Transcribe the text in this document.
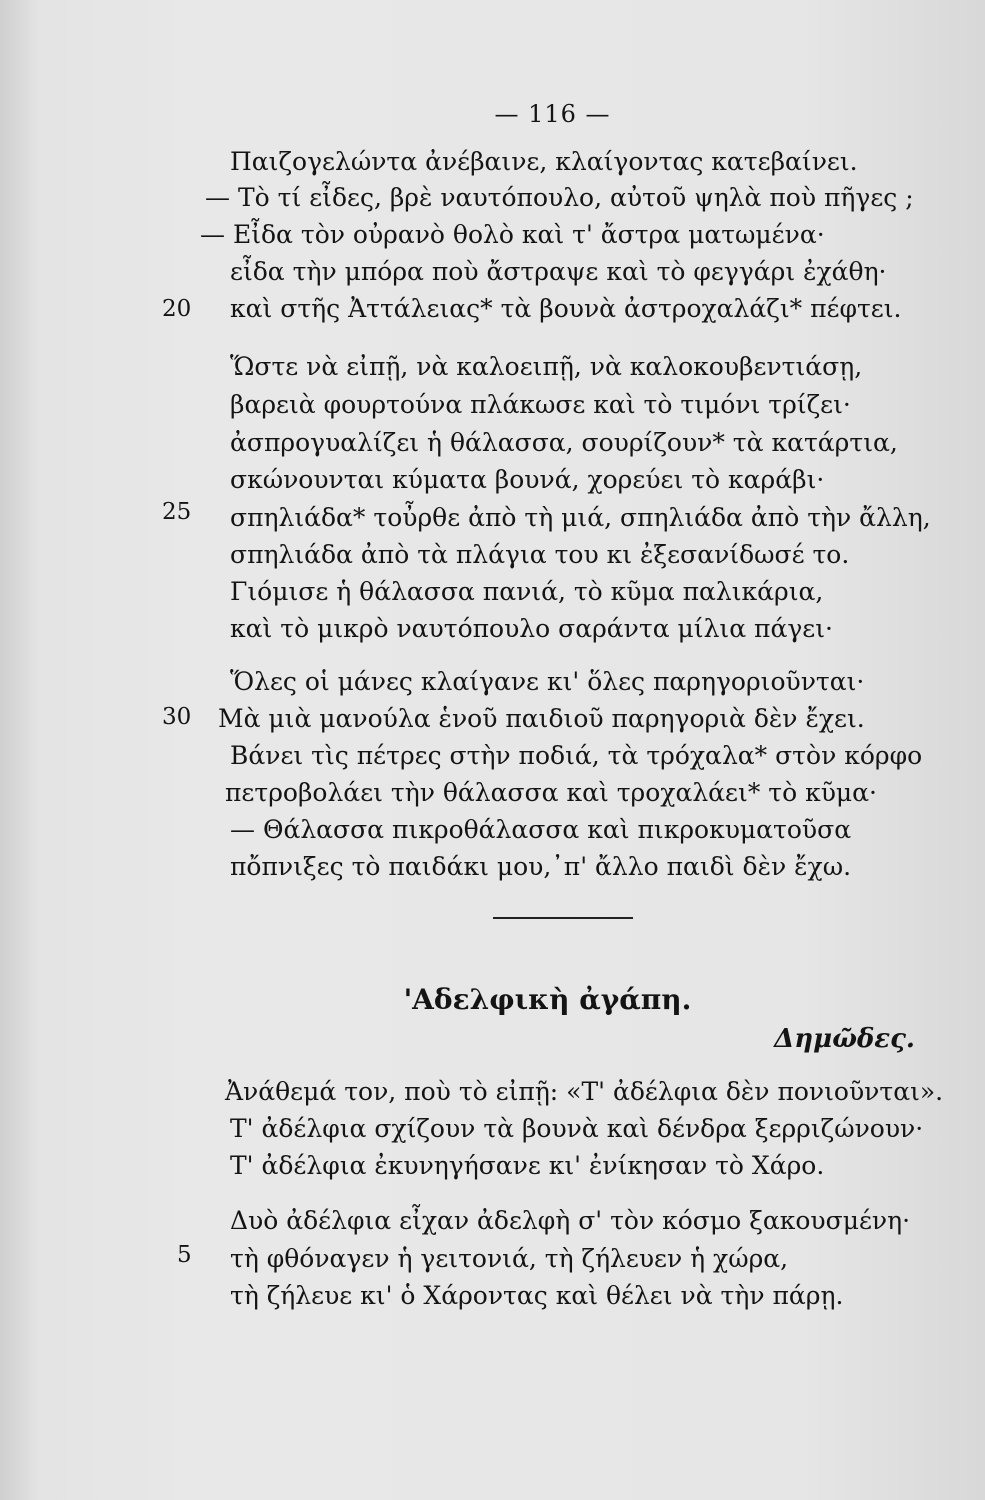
— 116 —
Παιζογελώντα ἀνέβαινε, κλαίγοντας κατεβαίνει.
— Τὸ τί εἶδες, βρὲ ναυτόπουλο, αὐτοῦ ψηλὰ ποὺ πῆγες ;
— Εἶδα τὸν οὐρανὸ θολὸ καὶ τ' ἄστρα ματωμένα·
εἶδα τὴν μπόρα ποὺ ἄστραψε καὶ τὸ φεγγάρι ἐχάθη·
20 καὶ στῆς Ἀττάλειας* τὰ βουνὰ ἀστροχαλάζι* πέφτει.
Ὥστε νὰ εἰπῇ, νὰ καλοειπῇ, νὰ καλοκουβεντιάσῃ,
βαρειὰ φουρτούνα πλάκωσε καὶ τὸ τιμόνι τρίζει·
ἀσπρογυαλίζει ἡ θάλασσα, σουρίζουν* τὰ κατάρτια,
σκώνουνται κύματα βουνά, χορεύει τὸ καράβι·
25 σπηλιάδα* τοὖρθε ἀπὸ τὴ μιά, σπηλιάδα ἀπὸ τὴν ἄλλη,
σπηλιάδα ἀπὸ τὰ πλάγια του κι ἐξεσανίδωσέ το.
Γιόμισε ἡ θάλασσα πανιά, τὸ κῦμα παλικάρια,
καὶ τὸ μικρὸ ναυτόπουλο σαράντα μίλια πάγει·
Ὅλες οἱ μάνες κλαίγανε κι' ὅλες παρηγοριοῦνται·
30 Μὰ μιὰ μανούλα ἑνοῦ παιδιοῦ παρηγοριὰ δὲν ἔχει.
Βάνει τὶς πέτρες στὴν ποδιά, τὰ τρόχαλα* στὸν κόρφο
πετροβολάει τὴν θάλασσα καὶ τροχαλάει* τὸ κῦμα·
— Θάλασσα πικροθάλασσα καὶ πικροκυματοῦσα
πὄπνιξες τὸ παιδάκι μου,᾿π' ἄλλο παιδὶ δὲν ἔχω.
'Αδελφικὴ ἀγάπη.
Δημῶδες.
Ἀνάθεμά τον, ποὺ τὸ εἰπῇ: «Τ' ἀδέλφια δὲν πονιοῦνται».
Τ' ἀδέλφια σχίζουν τὰ βουνὰ καὶ δένδρα ξερριζώνουν·
Τ' ἀδέλφια ἐκυνηγήσανε κι' ἐνίκησαν τὸ Χάρο.
Δυὸ ἀδέλφια εἶχαν ἀδελφὴ σ' τὸν κόσμο ξακουσμένη·
5 τὴ φθόναγεν ἡ γειτονιά, τὴ ζήλευεν ἡ χώρα,
τὴ ζήλευε κι' ὁ Χάροντας καὶ θέλει νὰ τὴν πάρῃ.
